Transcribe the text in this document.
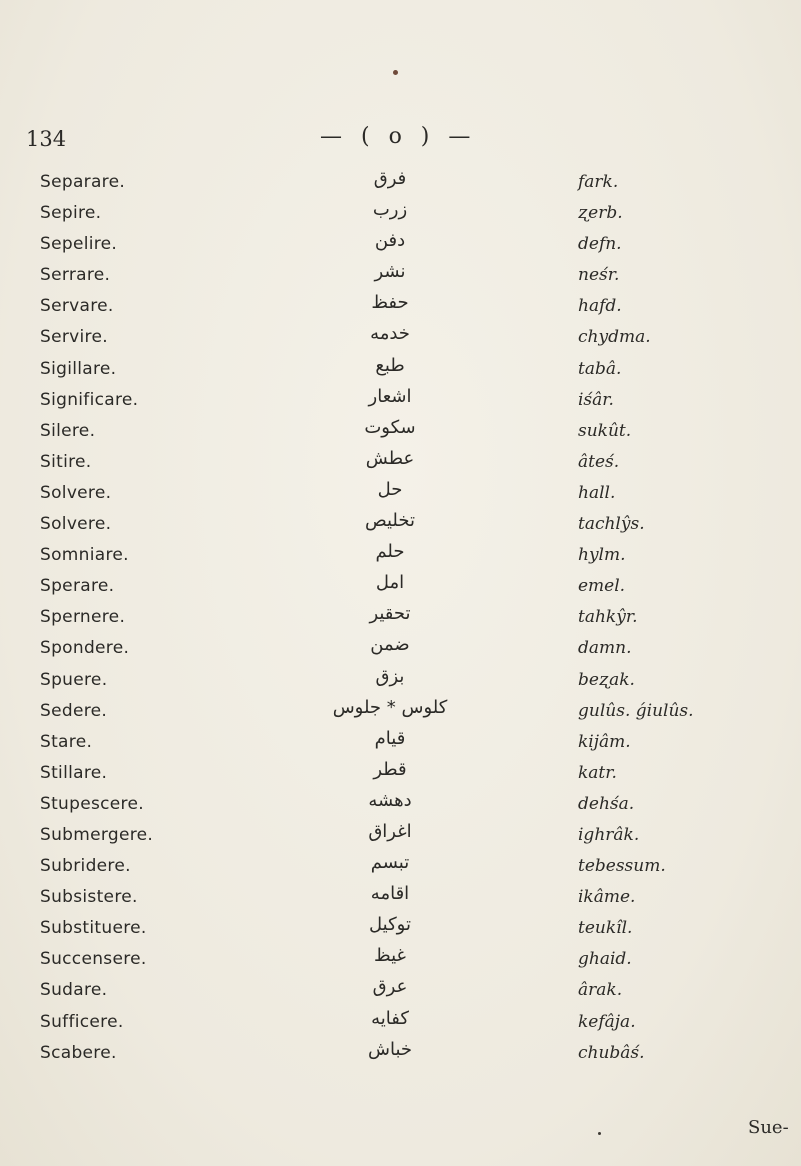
134	— ( o ) —
Separare.	فرق	fark.
Sepire.	زرب	ʐerb.
Sepelire.	دفن	defn.
Serrare.	نشر	neśr.
Servare.	حفظ	hafd.
Servire.	خدمه	chydma.
Sigillare.	طبع	tabâ.
Significare.	اشعار	iśâr.
Silere.	سكوت	sukût.
Sitire.	عطش	âteś.
Solvere.	حل	hall.
Solvere.	تخليص	tachlŷs.
Somniare.	حلم	hylm.
Sperare.	امل	emel.
Spernere.	تحقير	tahkŷr.
Spondere.	ضمن	damn.
Spuere.	بزق	beʐak.
Sedere.	كلوس * جلوس	gulûs. ǵiulûs.
Stare.	قيام	kijâm.
Stillare.	قطر	katr.
Stupescere.	دهشه	dehśa.
Submergere.	اغراق	ighrâk.
Subridere.	تبسم	tebessum.
Subsistere.	اقامه	ikâme.
Substituere.	توكيل	teukîl.
Succensere.	غيظ	ghaid.
Sudare.	عرق	ârak.
Sufficere.	كفايه	kefâja.
Scabere.	خباش	chubâś.
Sue-
